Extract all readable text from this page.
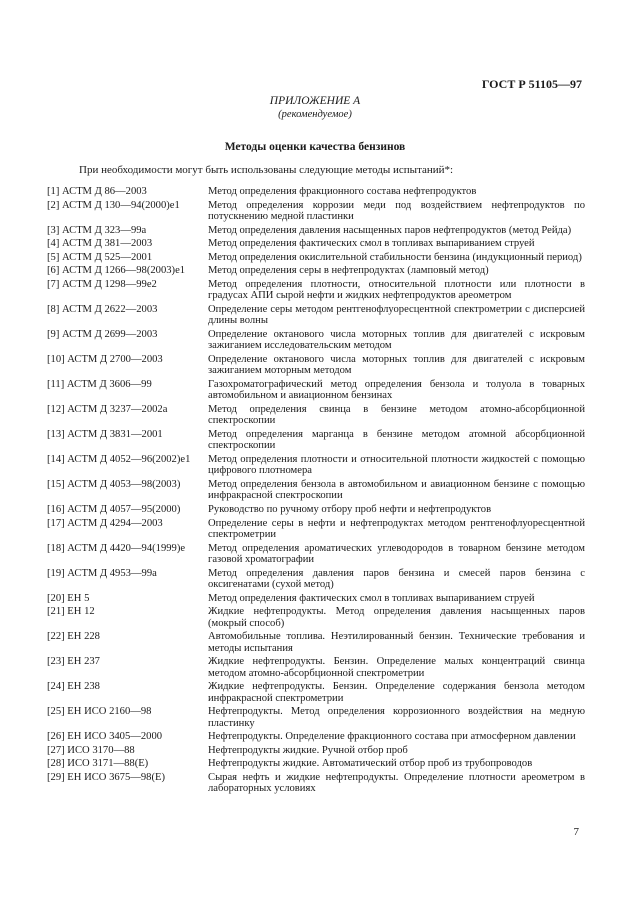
ГОСТ Р 51105—97
ПРИЛОЖЕНИЕ А
(рекомендуемое)
Методы оценки качества бензинов
При необходимости могут быть использованы следующие методы испытаний*:
[1] АСТМ Д 86—2003	Метод определения фракционного состава нефтепродуктов
[2] АСТМ Д 130—94(2000)е1	Метод определения коррозии меди под воздействием нефтепродуктов по потускнению медной пластинки
[3] АСТМ Д 323—99а	Метод определения давления насыщенных паров нефтепродуктов (метод Рейда)
[4] АСТМ Д 381—2003	Метод определения фактических смол в топливах выпариванием струей
[5] АСТМ Д 525—2001	Метод определения окислительной стабильности бензина (индукционный период)
[6] АСТМ Д 1266—98(2003)е1	Метод определения серы в нефтепродуктах (ламповый метод)
[7] АСТМ Д 1298—99е2	Метод определения плотности, относительной плотности или плотности в градусах АПИ сырой нефти и жидких нефтепродуктов ареометром
[8] АСТМ Д 2622—2003	Определение серы методом рентгенофлуоресцентной спектрометрии с дисперсией длины волны
[9] АСТМ Д 2699—2003	Определение октанового числа моторных топлив для двигателей с искровым зажиганием исследовательским методом
[10] АСТМ Д 2700—2003	Определение октанового числа моторных топлив для двигателей с искровым зажиганием моторным методом
[11] АСТМ Д 3606—99	Газохроматографический метод определения бензола и толуола в товарных автомобильном и авиационном бензинах
[12] АСТМ Д 3237—2002а	Метод определения свинца в бензине методом атомно-абсорбционной спектроскопии
[13] АСТМ Д 3831—2001	Метод определения марганца в бензине методом атомной абсорбционной спектроскопии
[14] АСТМ Д 4052—96(2002)е1	Метод определения плотности и относительной плотности жидкостей с помощью цифрового плотномера
[15] АСТМ Д 4053—98(2003)	Метод определения бензола в автомобильном и авиационном бензине с помощью инфракрасной спектроскопии
[16] АСТМ Д 4057—95(2000)	Руководство по ручному отбору проб нефти и нефтепродуктов
[17] АСТМ Д 4294—2003	Определение серы в нефти и нефтепродуктах методом рентгенофлуоресцентной спектрометрии
[18] АСТМ Д 4420—94(1999)е	Метод определения ароматических углеводородов в товарном бензине методом газовой хроматографии
[19] АСТМ Д 4953—99а	Метод определения давления паров бензина и смесей паров бензина с оксигенатами (сухой метод)
[20] ЕН 5	Метод определения фактических смол в топливах выпариванием струей
[21] ЕН 12	Жидкие нефтепродукты. Метод определения давления насыщенных паров (мокрый способ)
[22] ЕН 228	Автомобильные топлива. Неэтилированный бензин. Технические требования и методы испытания
[23] ЕН 237	Жидкие нефтепродукты. Бензин. Определение малых концентраций свинца методом атомно-абсорбционной спектрометрии
[24] ЕН 238	Жидкие нефтепродукты. Бензин. Определение содержания бензола методом инфракрасной спектрометрии
[25] ЕН ИСО 2160—98	Нефтепродукты. Метод определения коррозионного воздействия на медную пластинку
[26] ЕН ИСО 3405—2000	Нефтепродукты. Определение фракционного состава при атмосферном давлении
[27] ИСО 3170—88	Нефтепродукты жидкие. Ручной отбор проб
[28] ИСО 3171—88(Е)	Нефтепродукты жидкие. Автоматический отбор проб из трубопроводов
[29] ЕН ИСО 3675—98(Е)	Сырая нефть и жидкие нефтепродукты. Определение плотности ареометром в лабораторных условиях
7
